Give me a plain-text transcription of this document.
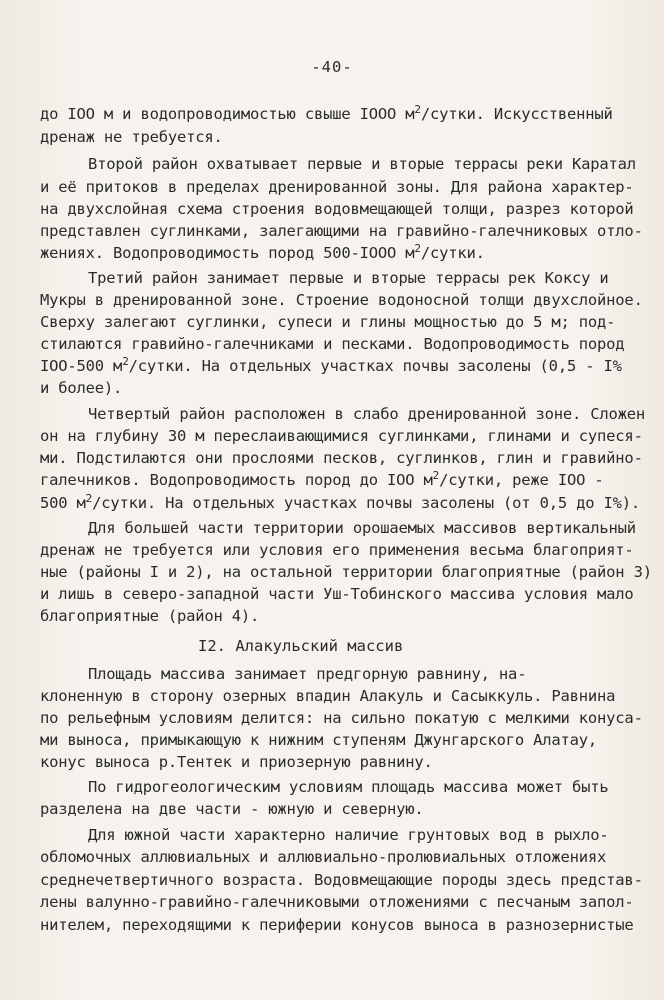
-40-
до IOO м и водопроводимостью свыше IOOO $м^2$/сутки. Искусственный
дренаж не требуется.
Второй район охватывает первые и вторые террасы реки Каратал
и её притоков в пределах дренированной зоны. Для района характер-
на двухслойная схема строения водовмещающей толщи, разрез которой
представлен суглинками, залегающими на гравийно-галечниковых отло-
жениях. Водопроводимость пород 500-IOOO $м^2$/сутки.
Третий район занимает первые и вторые террасы рек Коксу и
Мукры в дренированной зоне. Строение водоносной толщи двухслойное.
Сверху залегают суглинки, супеси и глины мощностью до 5 м; под-
стилаются гравийно-галечниками и песками. Водопроводимость пород
IOO-500 $м^2$/сутки. На отдельных участках почвы засолены (0,5 - I%
и более).
Четвертый район расположен в слабо дренированной зоне. Сложен
он на глубину 30 м переслаивающимися суглинками, глинами и супеся-
ми. Подстилаются они прослоями песков, суглинков, глин и гравийно-
галечников. Водопроводимость пород до IOO $м^2$/сутки, реже IOO -
500 $м^2$/сутки. На отдельных участках почвы засолены (от 0,5 до I%).
Для большей части территории орошаемых массивов вертикальный
дренаж не требуется или условия его применения весьма благоприят-
ные (районы I и 2), на остальной территории благоприятные (район 3)
и лишь в северо-западной части Уш-Тобинского массива условия мало
благоприятные (район 4).
I2. Алакульский массив
Площадь массива занимает предгорную равнину, на-
клоненную в сторону озерных впадин Алакуль и Сасыккуль. Равнина
по рельефным условиям делится: на сильно покатую с мелкими конуса-
ми выноса, примыкающую к нижним ступеням Джунгарского Алатау,
конус выноса р.Тентек и приозерную равнину.
По гидрогеологическим условиям площадь массива может быть
разделена на две части - южную и северную.
Для южной части характерно наличие грунтовых вод в рыхло-
обломочных аллювиальных и аллювиально-пролювиальных отложениях
среднечетвертичного возраста. Водовмещающие породы здесь представ-
лены валунно-гравийно-галечниковыми отложениями с песчаным запол-
нителем, переходящими к периферии конусов выноса в разнозернистые
